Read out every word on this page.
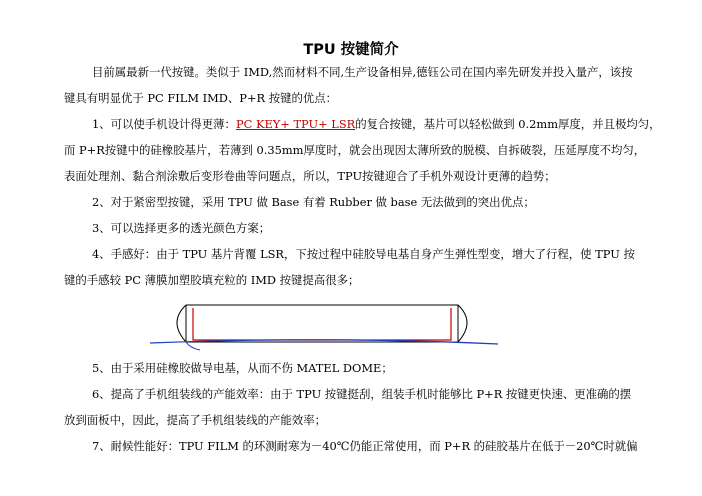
TPU 按键简介
目前属最新一代按键。类似于 IMD,然而材料不同,生产设备相异,德钰公司在国内率先研发并投入量产，该按
键具有明显优于 PC FILM IMD、P+R 按键的优点：
1、可以使手机设计得更薄：PC KEY+ TPU+ LSR的复合按键，基片可以轻松做到 0.2mm厚度，并且极均匀，
而 P+R按键中的硅橡胶基片，若薄到 0.35mm厚度时，就会出现因太薄所致的脱模、自拆破裂，压延厚度不均匀，
表面处理剂、黏合剂涂敷后变形卷曲等问题点，所以，TPU按键迎合了手机外观设计更薄的趋势；
2、对于紧密型按键，采用 TPU 做 Base 有着 Rubber 做 base 无法做到的突出优点；
3、可以选择更多的透光颜色方案；
4、手感好：由于 TPU 基片背覆 LSR，下按过程中硅胶导电基自身产生弹性型变，增大了行程，使 TPU 按
键的手感较 PC 薄膜加塑胶填充粒的 IMD 按键提高很多；
5、由于采用硅橡胶做导电基，从而不伤 MATEL DOME；
6、提高了手机组装线的产能效率：由于 TPU 按键挺刮，组装手机时能够比 P+R 按键更快速、更准确的摆
放到面板中，因此，提高了手机组装线的产能效率；
7、耐候性能好：TPU FILM 的环测耐寒为－40℃仍能正常使用，而 P+R 的硅胶基片在低于－20℃时就偏
